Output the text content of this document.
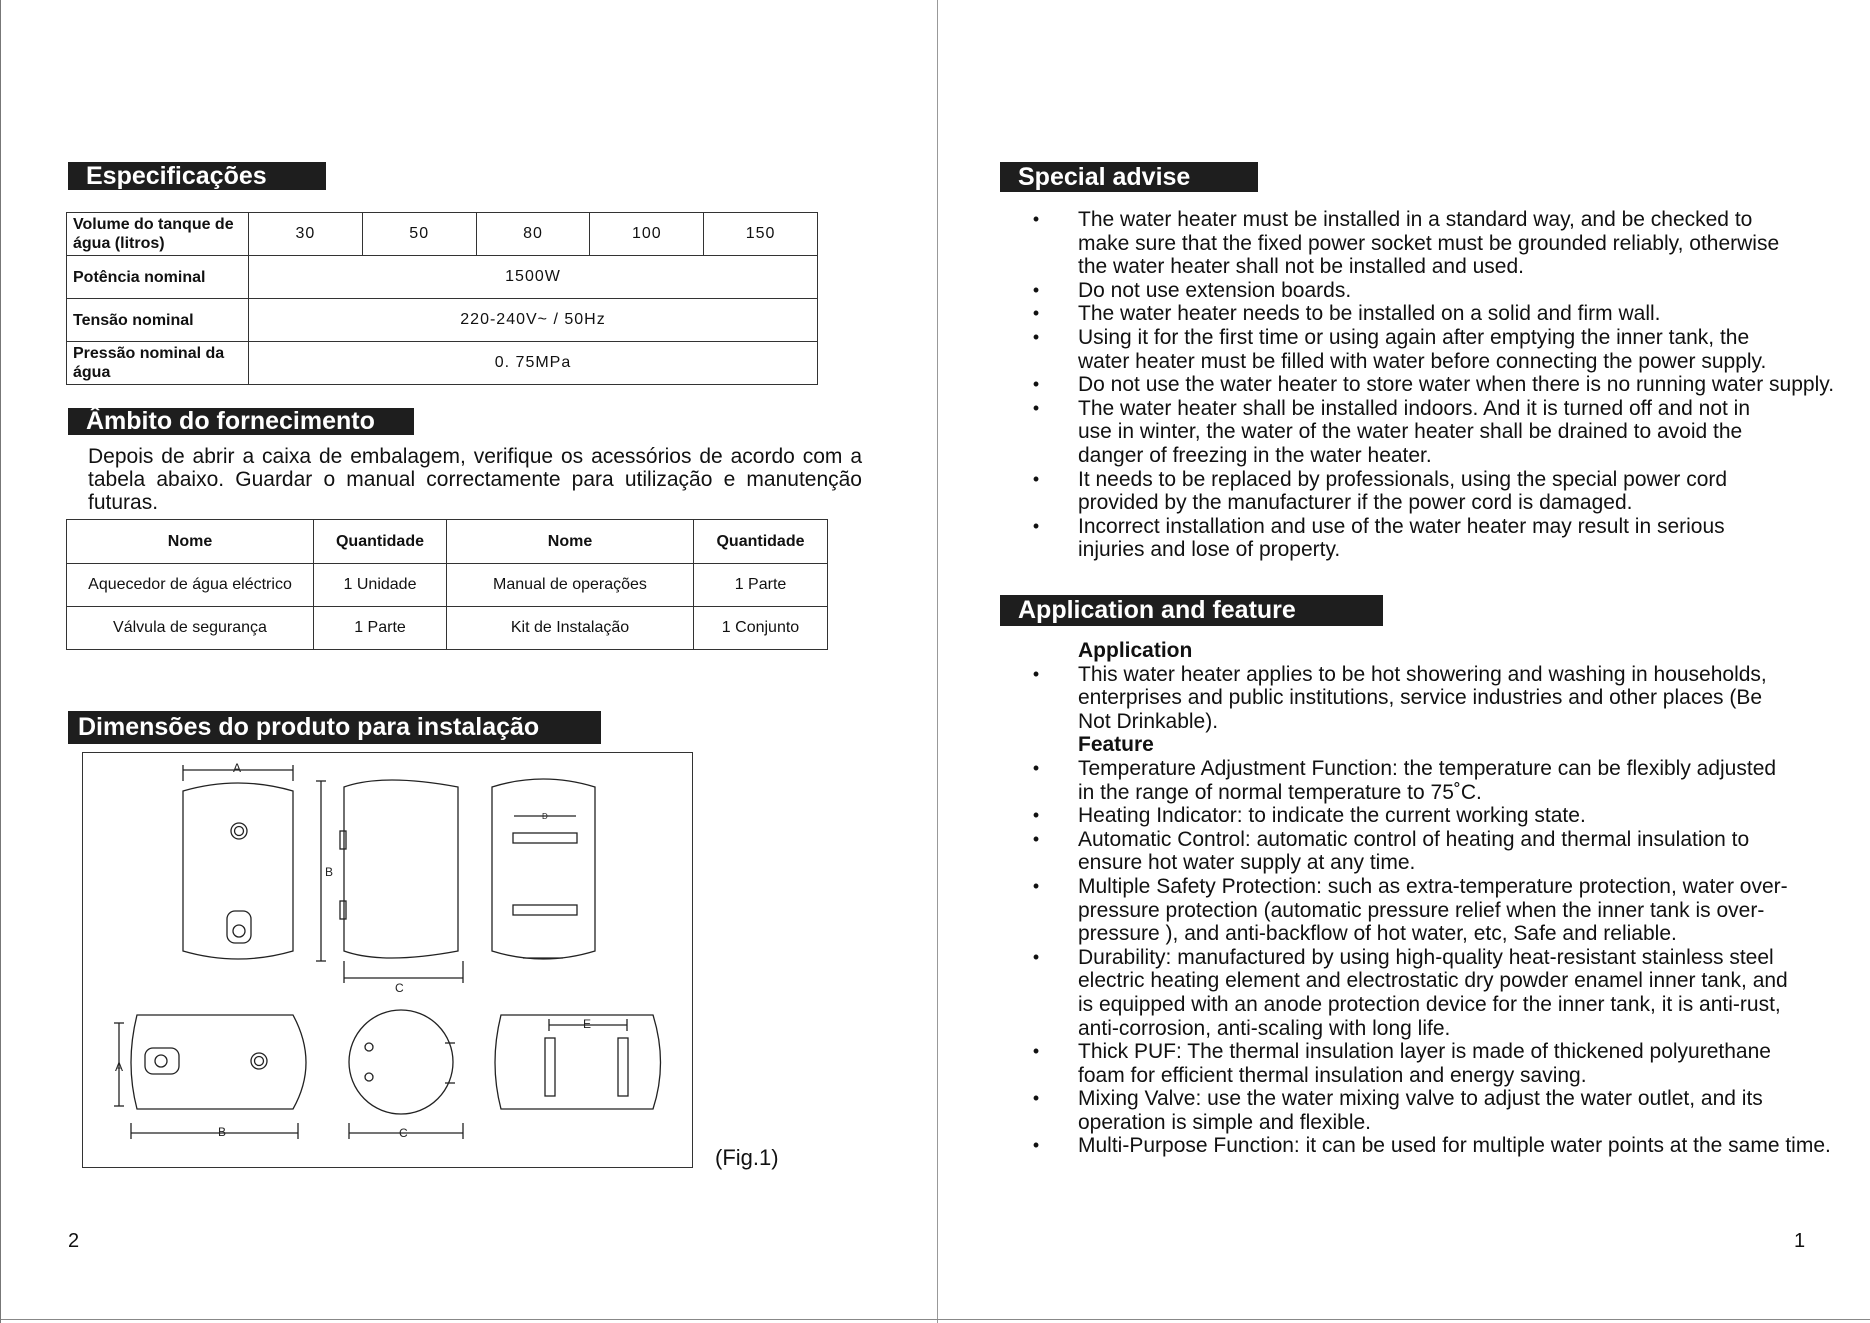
Especificações
Volume do tanque de água (litros)	30	50	80	100	150
Potência nominal	1500W				
Tensão nominal	220-240V~ / 50Hz				
Pressão nominal da água	0. 75MPa				
Âmbito do fornecimento

Depois de abrir a caixa de embalagem, verifique os acessórios de acordo com a tabela abaixo. Guardar o manual correctamente para utilização e manutenção futuras.

Nome	Quantidade	Nome	Quantidade
Aquecedor de água eléctrico	1 Unidade	Manual de operações	1 Parte
Válvula de segurança	1 Parte	Kit de Instalação	1 Conjunto
Dimensões do produto para instalação
A
B
C
D
A
B	C
E
(Fig.1)
2
Special advise
•	The water heater must be installed in a standard way, and be checked to make sure that the fixed power socket must be grounded reliably, otherwise the water heater shall not be installed and used.
•	Do not use extension boards.
•	The water heater needs to be installed on a solid and firm wall.
•	Using it for the first time or using again after emptying the inner tank, the water heater must be filled with water before connecting the power supply.
•	Do not use the water heater to store water when there is no running water supply.
•	The water heater shall be installed indoors. And it is turned off and not in use in winter, the water of the water heater shall be drained to avoid the danger of freezing in the water heater.
•	It needs to be replaced by professionals, using the special power cord provided by the manufacturer if the power cord is damaged.
•	Incorrect installation and use of the water heater may result in serious injuries and lose of property.
Application and feature
Application
•	This water heater applies to be hot showering and washing in households, enterprises and public institutions, service industries and other places (Be Not Drinkable).
Feature
•	Temperature Adjustment Function: the temperature can be flexibly adjusted in the range of normal temperature to 75˚C.
•	Heating Indicator: to indicate the current working state.
•	Automatic Control: automatic control of heating and thermal insulation to ensure hot water supply at any time.
•	Multiple Safety Protection: such as extra-temperature protection, water over-pressure protection (automatic pressure relief when the inner tank is over-pressure ), and anti-backflow of hot water, etc, Safe and reliable.
•	Durability: manufactured by using high-quality heat-resistant stainless steel electric heating element and electrostatic dry powder enamel inner tank, and is equipped with an anode protection device for the inner tank, it is anti-rust, anti-corrosion, anti-scaling with long life.
•	Thick PUF: The thermal insulation layer is made of thickened polyurethane foam for efficient thermal insulation and energy saving.
•	Mixing Valve: use the water mixing valve to adjust the water outlet, and its operation is simple and flexible.
•	Multi-Purpose Function: it can be used for multiple water points at the same time.
1
